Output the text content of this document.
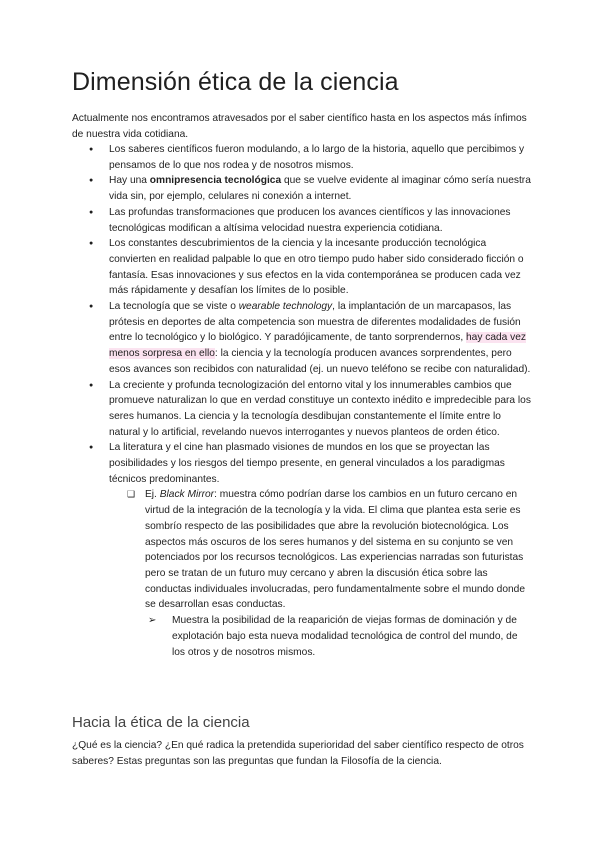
Dimensión ética de la ciencia

Actualmente nos encontramos atravesados por el saber científico hasta en los aspectos más ínfimos de nuestra vida cotidiana.

● Los saberes científicos fueron modulando, a lo largo de la historia, aquello que percibimos y pensamos de lo que nos rodea y de nosotros mismos.
● Hay una omnipresencia tecnológica que se vuelve evidente al imaginar cómo sería nuestra vida sin, por ejemplo, celulares ni conexión a internet.
● Las profundas transformaciones que producen los avances científicos y las innovaciones tecnológicas modifican a altísima velocidad nuestra experiencia cotidiana.
● Los constantes descubrimientos de la ciencia y la incesante producción tecnológica convierten en realidad palpable lo que en otro tiempo pudo haber sido considerado ficción o fantasía. Esas innovaciones y sus efectos en la vida contemporánea se producen cada vez más rápidamente y desafían los límites de lo posible.
● La tecnología que se viste o wearable technology, la implantación de un marcapasos, las prótesis en deportes de alta competencia son muestra de diferentes modalidades de fusión entre lo tecnológico y lo biológico. Y paradójicamente, de tanto sorprendernos, hay cada vez menos sorpresa en ello: la ciencia y la tecnología producen avances sorprendentes, pero esos avances son recibidos con naturalidad (ej. un nuevo teléfono se recibe con naturalidad).
● La creciente y profunda tecnologización del entorno vital y los innumerables cambios que promueve naturalizan lo que en verdad constituye un contexto inédito e impredecible para los seres humanos. La ciencia y la tecnología desdibujan constantemente el límite entre lo natural y lo artificial, revelando nuevos interrogantes y nuevos planteos de orden ético.
● La literatura y el cine han plasmado visiones de mundos en los que se proyectan las posibilidades y los riesgos del tiempo presente, en general vinculados a los paradigmas técnicos predominantes.
❑ Ej. Black Mirror: muestra cómo podrían darse los cambios en un futuro cercano en virtud de la integración de la tecnología y la vida. El clima que plantea esta serie es sombrío respecto de las posibilidades que abre la revolución biotecnológica. Los aspectos más oscuros de los seres humanos y del sistema en su conjunto se ven potenciados por los recursos tecnológicos. Las experiencias narradas son futuristas pero se tratan de un futuro muy cercano y abren la discusión ética sobre las conductas individuales involucradas, pero fundamentalmente sobre el mundo donde se desarrollan esas conductas.
➢ Muestra la posibilidad de la reaparición de viejas formas de dominación y de explotación bajo esta nueva modalidad tecnológica de control del mundo, de los otros y de nosotros mismos.
Hacia la ética de la ciencia

¿Qué es la ciencia? ¿En qué radica la pretendida superioridad del saber científico respecto de otros saberes? Estas preguntas son las preguntas que fundan la Filosofía de la ciencia.
